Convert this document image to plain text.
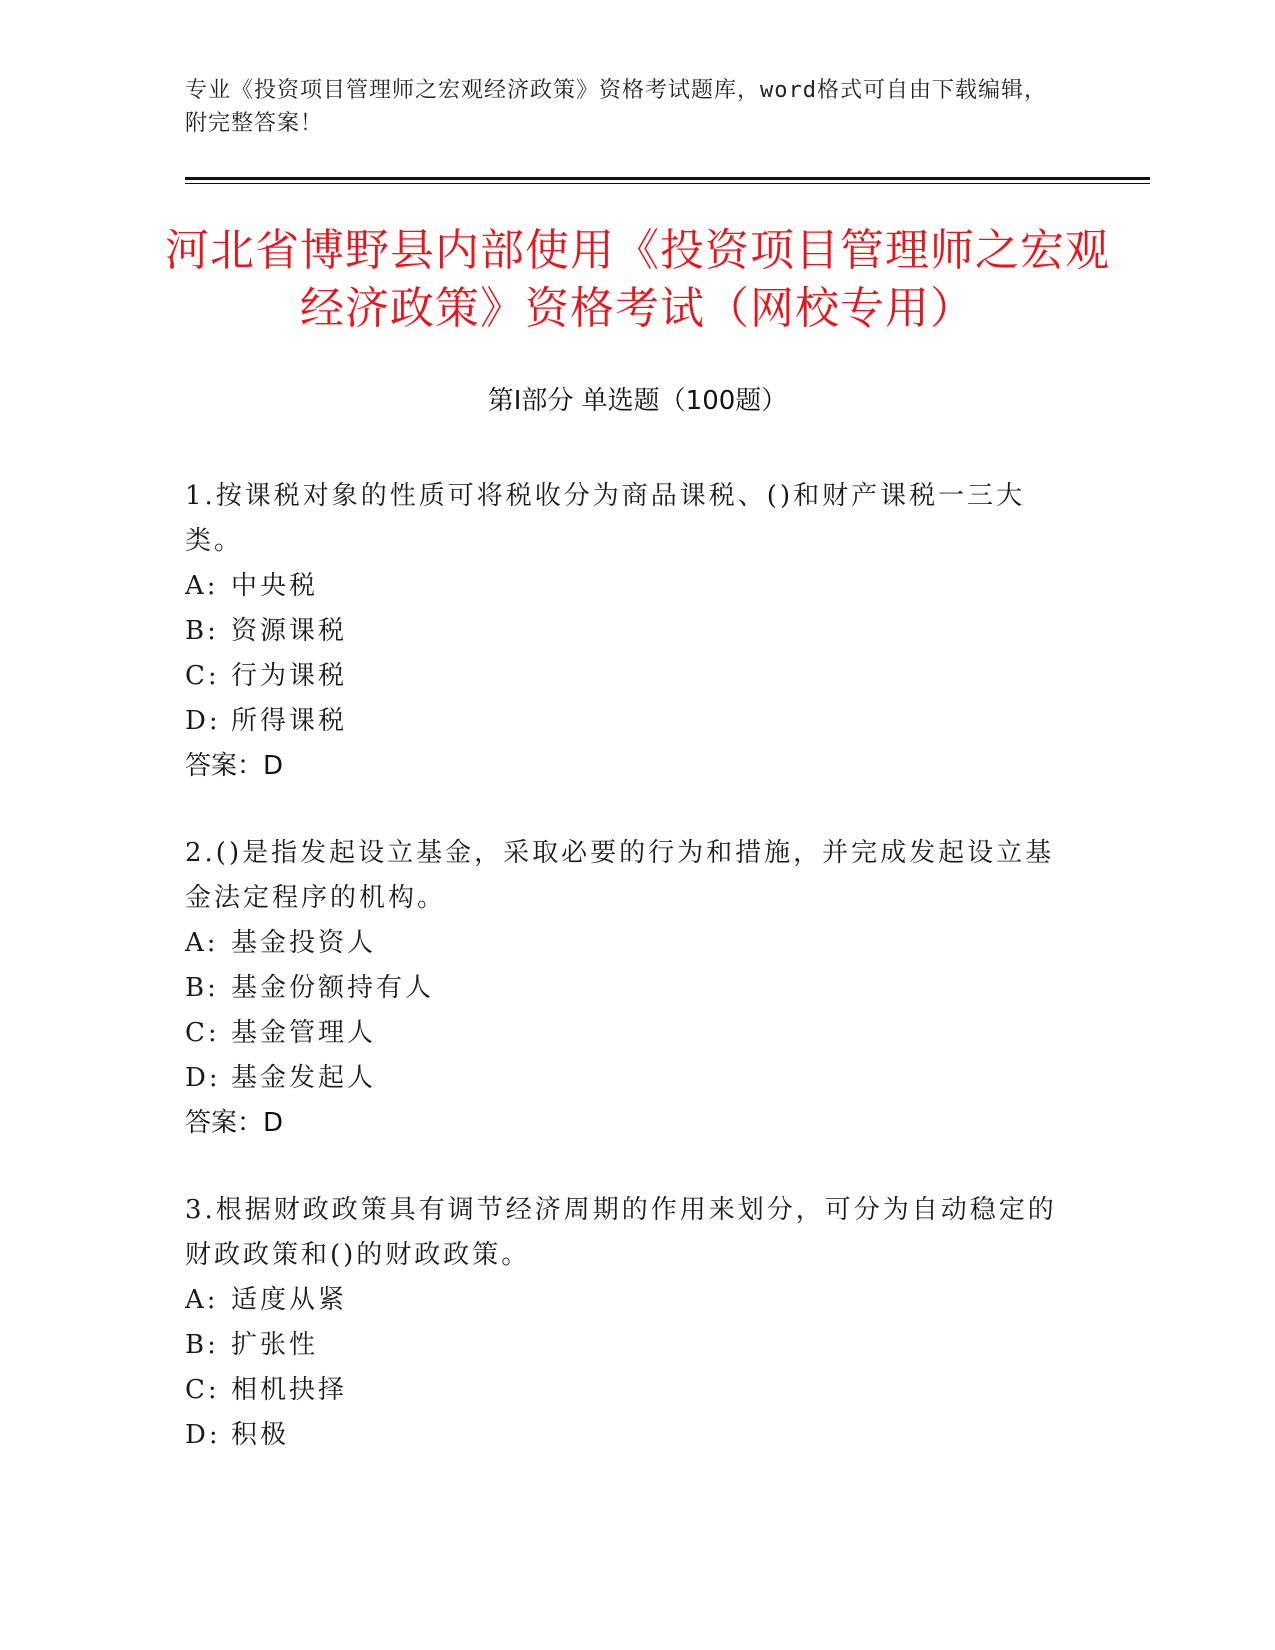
专业《投资项目管理师之宏观经济政策》资格考试题库，word格式可自由下载编辑，附完整答案！
河北省博野县内部使用《投资项目管理师之宏观经济政策》资格考试（网校专用）
第Ⅰ部分 单选题（100题）

1.按课税对象的性质可将税收分为商品课税、()和财产课税一三大类。

A: 中央税

B: 资源课税

C: 行为课税

D: 所得课税

答案：D

2.()是指发起设立基金，采取必要的行为和措施，并完成发起设立基金法定程序的机构。

A: 基金投资人

B: 基金份额持有人

C: 基金管理人

D: 基金发起人

答案：D

3.根据财政政策具有调节经济周期的作用来划分，可分为自动稳定的财政政策和()的财政政策。

A: 适度从紧

B: 扩张性

C: 相机抉择

D: 积极
